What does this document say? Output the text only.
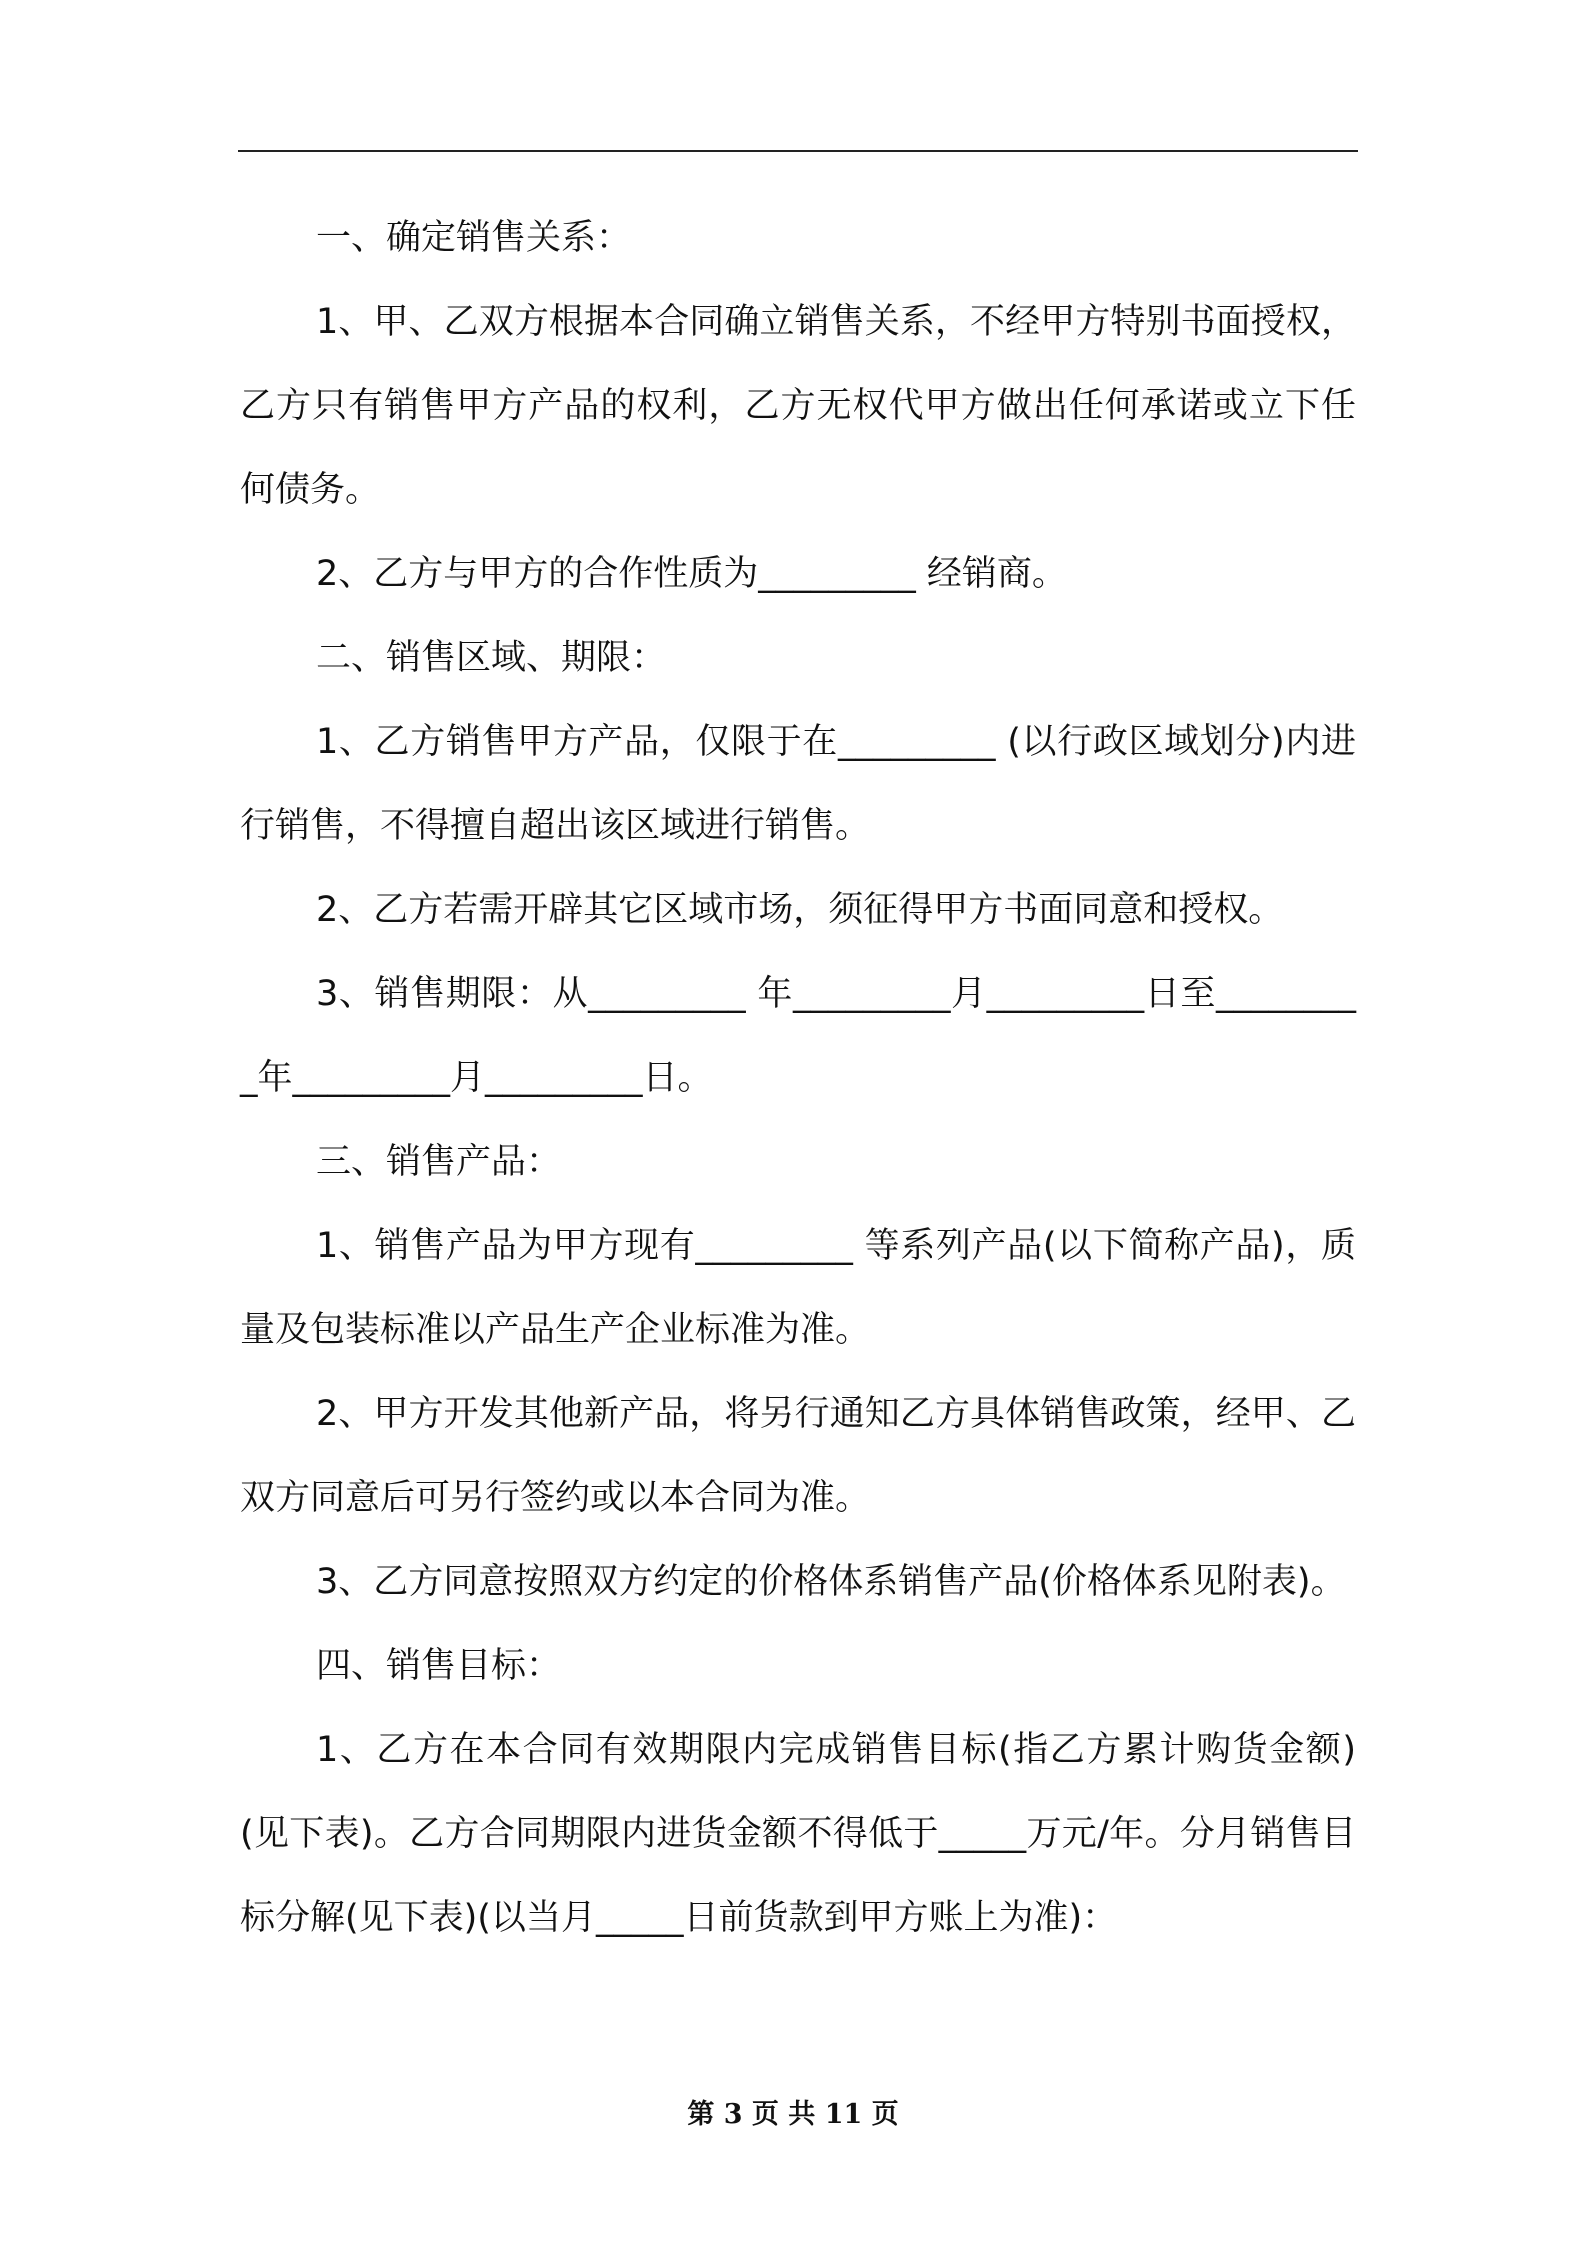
一、确定销售关系：

1、甲、乙双方根据本合同确立销售关系，不经甲方特别书面授权，乙方只有销售甲方产品的权利，乙方无权代甲方做出任何承诺或立下任何债务。

2、乙方与甲方的合作性质为_________ 经销商。

二、销售区域、期限：

1、乙方销售甲方产品，仅限于在_________ (以行政区域划分)内进行销售，不得擅自超出该区域进行销售。

2、乙方若需开辟其它区域市场，须征得甲方书面同意和授权。

3、销售期限：从_________ 年_________月_________日至_________年_________月_________日。

三、销售产品：

1、销售产品为甲方现有_________ 等系列产品(以下简称产品)，质量及包装标准以产品生产企业标准为准。

2、甲方开发其他新产品，将另行通知乙方具体销售政策，经甲、乙双方同意后可另行签约或以本合同为准。

3、乙方同意按照双方约定的价格体系销售产品(价格体系见附表)。

四、销售目标：

1、乙方在本合同有效期限内完成销售目标(指乙方累计购货金额)(见下表)。乙方合同期限内进货金额不得低于_____万元/年。分月销售目标分解(见下表)(以当月_____日前货款到甲方账上为准)：

第 3 页 共 11 页
